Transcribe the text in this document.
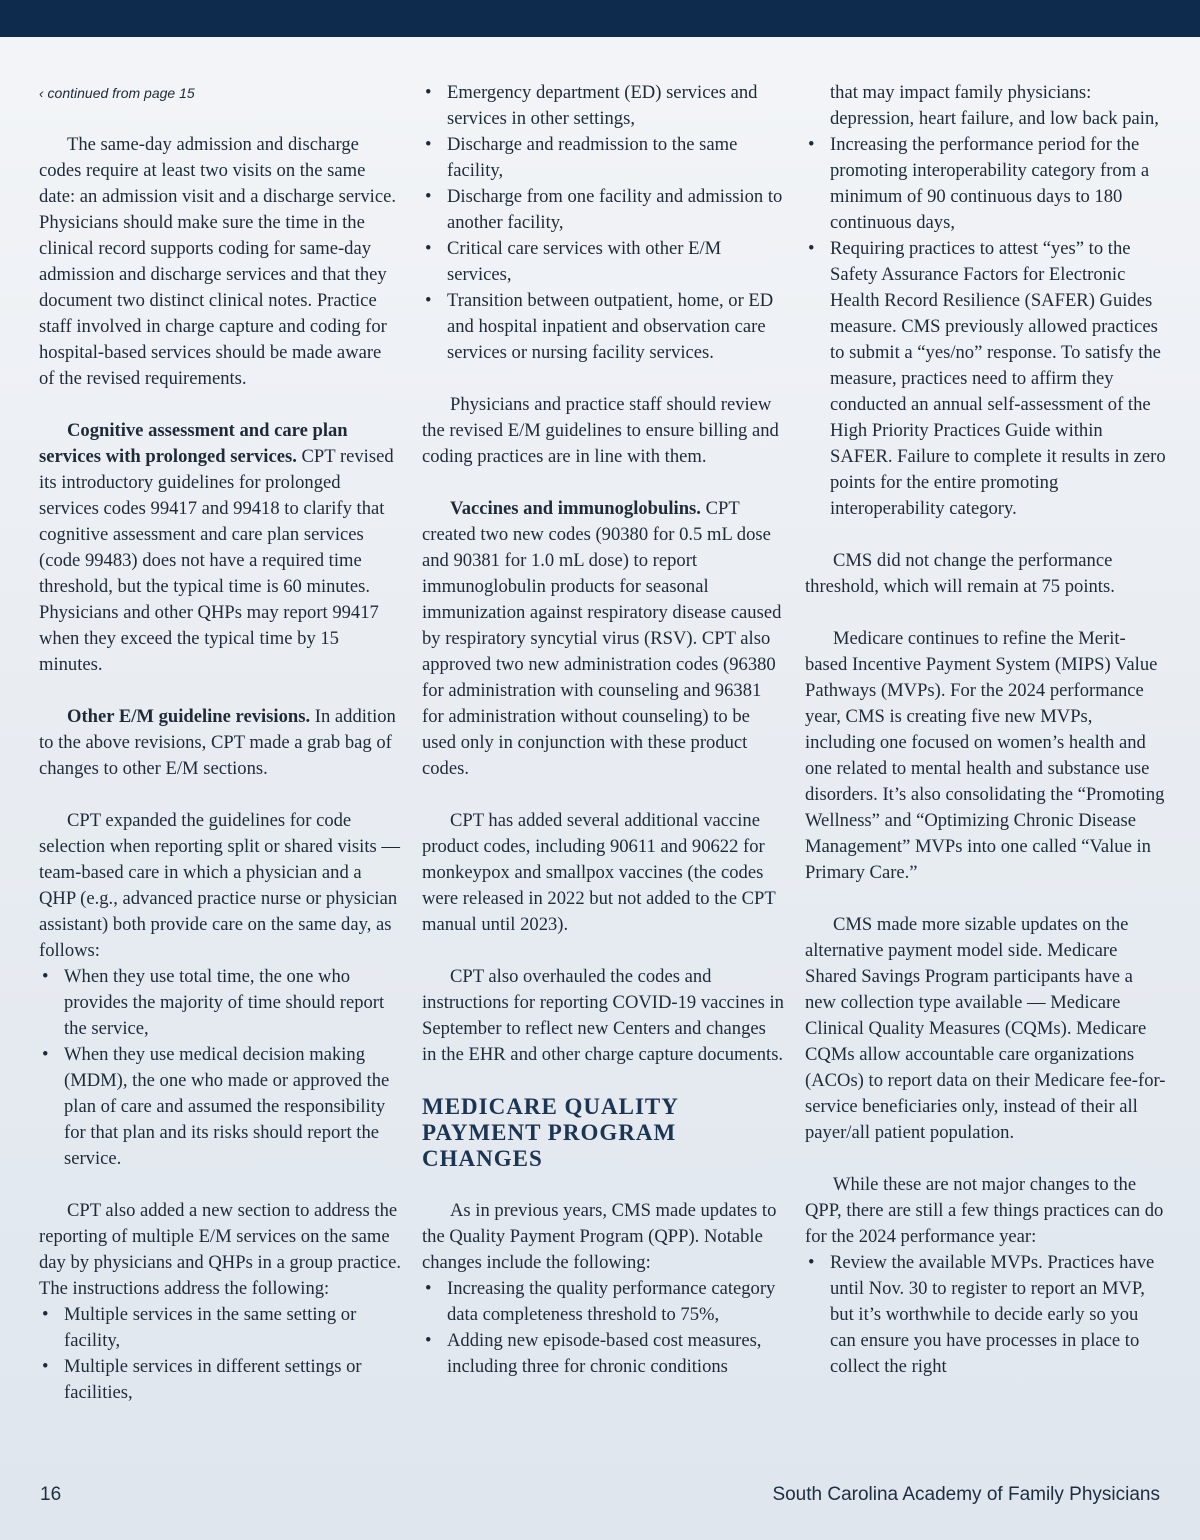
‹ continued from page 15

The same-day admission and discharge codes require at least two visits on the same date: an admission visit and a discharge service. Physicians should make sure the time in the clinical record supports coding for same-day admission and discharge services and that they document two distinct clinical notes. Practice staff involved in charge capture and coding for hospital-based services should be made aware of the revised requirements.

Cognitive assessment and care plan services with prolonged services. CPT revised its introductory guidelines for prolonged services codes 99417 and 99418 to clarify that cognitive assessment and care plan services (code 99483) does not have a required time threshold, but the typical time is 60 minutes. Physicians and other QHPs may report 99417 when they exceed the typical time by 15 minutes.

Other E/M guideline revisions. In addition to the above revisions, CPT made a grab bag of changes to other E/M sections.

CPT expanded the guidelines for code selection when reporting split or shared visits — team-based care in which a physician and a QHP (e.g., advanced practice nurse or physician assistant) both provide care on the same day, as follows:

• When they use total time, the one who provides the majority of time should report the service,
• When they use medical decision making (MDM), the one who made or approved the plan of care and assumed the responsibility for that plan and its risks should report the service.

CPT also added a new section to address the reporting of multiple E/M services on the same day by physicians and QHPs in a group practice. The instructions address the following:

• Multiple services in the same setting or facility,
• Multiple services in different settings or facilities,
• Emergency department (ED) services and services in other settings,
• Discharge and readmission to the same facility,
• Discharge from one facility and admission to another facility,
• Critical care services with other E/M services,
• Transition between outpatient, home, or ED and hospital inpatient and observation care services or nursing facility services.

Physicians and practice staff should review the revised E/M guidelines to ensure billing and coding practices are in line with them.

Vaccines and immunoglobulins. CPT created two new codes (90380 for 0.5 mL dose and 90381 for 1.0 mL dose) to report immunoglobulin products for seasonal immunization against respiratory disease caused by respiratory syncytial virus (RSV). CPT also approved two new administration codes (96380 for administration with counseling and 96381 for administration without counseling) to be used only in conjunction with these product codes.

CPT has added several additional vaccine product codes, including 90611 and 90622 for monkeypox and smallpox vaccines (the codes were released in 2022 but not added to the CPT manual until 2023).

CPT also overhauled the codes and instructions for reporting COVID-19 vaccines in September to reflect new Centers and changes in the EHR and other charge capture documents.

MEDICARE QUALITY PAYMENT PROGRAM CHANGES

As in previous years, CMS made updates to the Quality Payment Program (QPP). Notable changes include the following:

• Increasing the quality performance category data completeness threshold to 75%,
• Adding new episode-based cost measures, including three for chronic conditions

that may impact family physicians: depression, heart failure, and low back pain,

• Increasing the performance period for the promoting interoperability category from a minimum of 90 continuous days to 180 continuous days,
• Requiring practices to attest “yes” to the Safety Assurance Factors for Electronic Health Record Resilience (SAFER) Guides measure. CMS previously allowed practices to submit a “yes/no” response. To satisfy the measure, practices need to affirm they conducted an annual self-assessment of the High Priority Practices Guide within SAFER. Failure to complete it results in zero points for the entire promoting interoperability category.

CMS did not change the performance threshold, which will remain at 75 points.

Medicare continues to refine the Merit-based Incentive Payment System (MIPS) Value Pathways (MVPs). For the 2024 performance year, CMS is creating five new MVPs, including one focused on women’s health and one related to mental health and substance use disorders. It’s also consolidating the “Promoting Wellness” and “Optimizing Chronic Disease Management” MVPs into one called “Value in Primary Care.”

CMS made more sizable updates on the alternative payment model side. Medicare Shared Savings Program participants have a new collection type available — Medicare Clinical Quality Measures (CQMs). Medicare CQMs allow accountable care organizations (ACOs) to report data on their Medicare fee-for-service beneficiaries only, instead of their all payer/all patient population.

While these are not major changes to the QPP, there are still a few things practices can do for the 2024 performance year:

• Review the available MVPs. Practices have until Nov. 30 to register to report an MVP, but it’s worthwhile to decide early so you can ensure you have processes in place to collect the right
16	South Carolina Academy of Family Physicians
